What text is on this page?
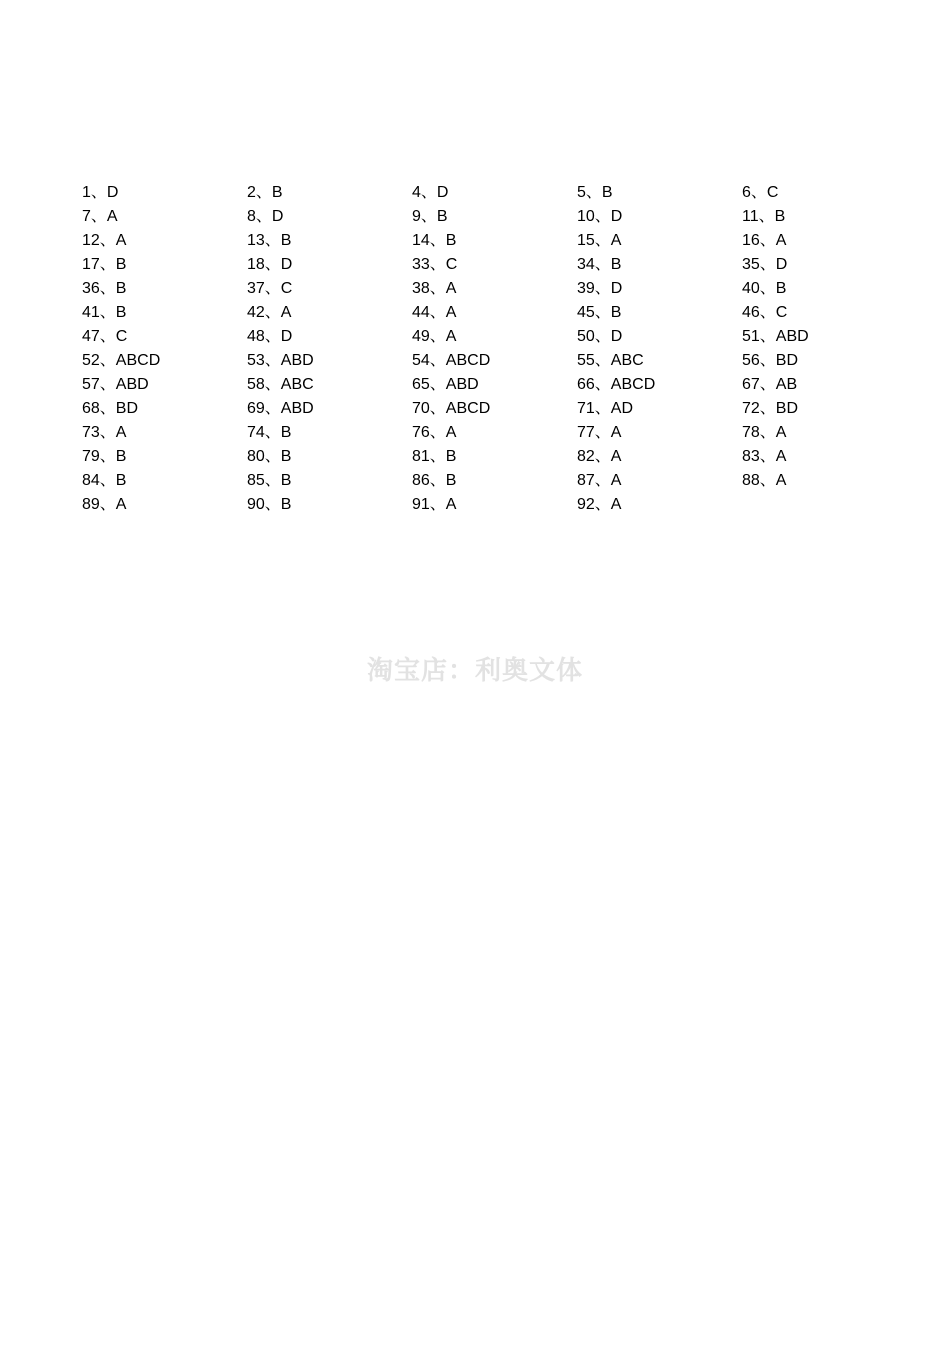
1、D	2、B	4、D	5、B	6、C
7、A	8、D	9、B	10、D	11、B
12、A	13、B	14、B	15、A	16、A
17、B	18、D	33、C	34、B	35、D
36、B	37、C	38、A	39、D	40、B
41、B	42、A	44、A	45、B	46、C
47、C	48、D	49、A	50、D	51、ABD
52、ABCD	53、ABD	54、ABCD	55、ABC	56、BD
57、ABD	58、ABC	65、ABD	66、ABCD	67、AB
68、BD	69、ABD	70、ABCD	71、AD	72、BD
73、A	74、B	76、A	77、A	78、A
79、B	80、B	81、B	82、A	83、A
84、B	85、B	86、B	87、A	88、A
89、A	90、B	91、A	92、A
淘宝店：利奥文体
